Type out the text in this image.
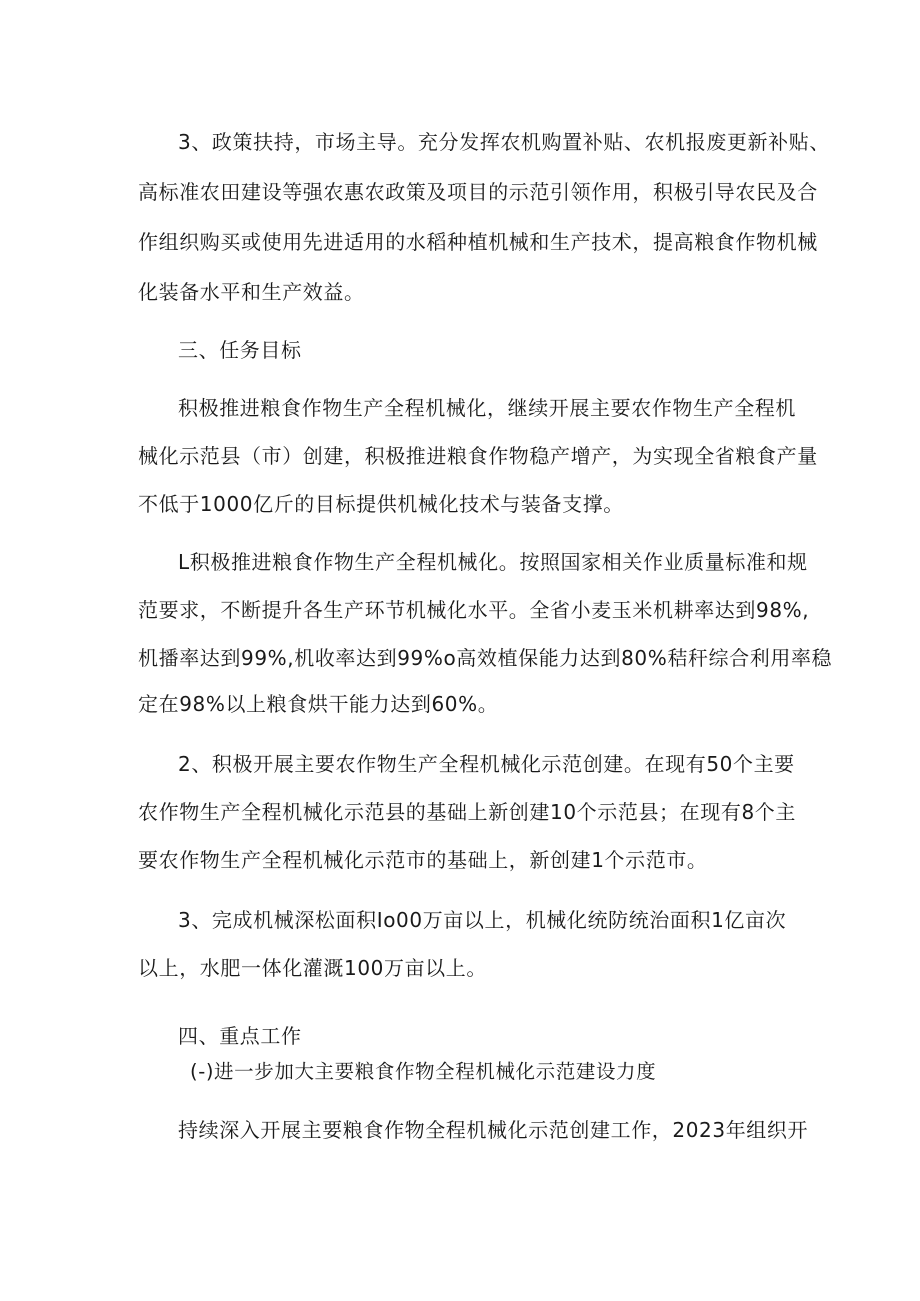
3、政策扶持，市场主导。充分发挥农机购置补贴、农机报废更新补贴、
高标准农田建设等强农惠农政策及项目的示范引领作用，积极引导农民及合
作组织购买或使用先进适用的水稻种植机械和生产技术，提高粮食作物机械
化装备水平和生产效益。
三、任务目标
积极推进粮食作物生产全程机械化，继续开展主要农作物生产全程机
械化示范县（市）创建，积极推进粮食作物稳产增产，为实现全省粮食产量
不低于1000亿斤的目标提供机械化技术与装备支撑。
L积极推进粮食作物生产全程机械化。按照国家相关作业质量标准和规
范要求，不断提升各生产环节机械化水平。全省小麦玉米机耕率达到98%,
机播率达到99%,机收率达到99%o高效植保能力达到80%秸秆综合利用率稳
定在98%以上粮食烘干能力达到60%。
2、积极开展主要农作物生产全程机械化示范创建。在现有50个主要
农作物生产全程机械化示范县的基础上新创建10个示范县；在现有8个主
要农作物生产全程机械化示范市的基础上，新创建1个示范市。
3、完成机械深松面积Io00万亩以上，机械化统防统治面积1亿亩次
以上，水肥一体化灌溉100万亩以上。
四、重点工作
(-)进一步加大主要粮食作物全程机械化示范建设力度
持续深入开展主要粮食作物全程机械化示范创建工作，2023年组织开
